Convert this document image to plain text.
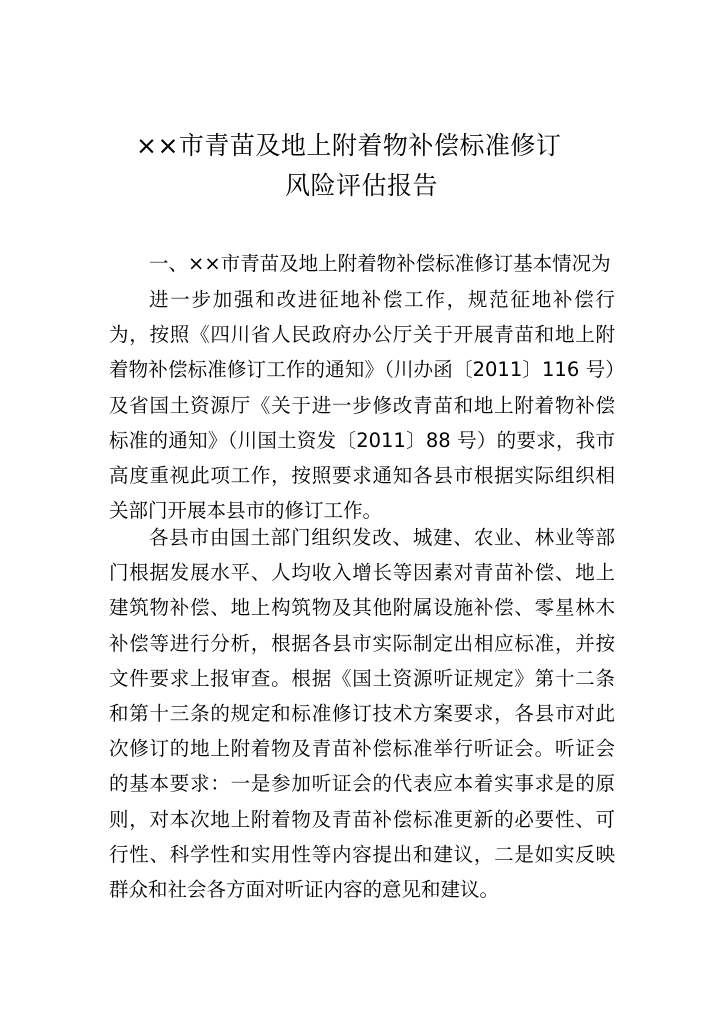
××市青苗及地上附着物补偿标准修订
风险评估报告
一、××市青苗及地上附着物补偿标准修订基本情况为
进一步加强和改进征地补偿工作，规范征地补偿行为，按照《四川省人民政府办公厅关于开展青苗和地上附着物补偿标准修订工作的通知》（川办函〔2011〕116 号）及省国土资源厅《关于进一步修改青苗和地上附着物补偿标准的通知》（川国土资发〔2011〕88 号）的要求，我市高度重视此项工作，按照要求通知各县市根据实际组织相关部门开展本县市的修订工作。
各县市由国土部门组织发改、城建、农业、林业等部门根据发展水平、人均收入增长等因素对青苗补偿、地上建筑物补偿、地上构筑物及其他附属设施补偿、零星林木补偿等进行分析，根据各县市实际制定出相应标准，并按文件要求上报审查。根据《国土资源听证规定》第十二条和第十三条的规定和标准修订技术方案要求，各县市对此次修订的地上附着物及青苗补偿标准举行听证会。听证会的基本要求：一是参加听证会的代表应本着实事求是的原则，对本次地上附着物及青苗补偿标准更新的必要性、可行性、科学性和实用性等内容提出和建议，二是如实反映群众和社会各方面对听证内容的意见和建议。
